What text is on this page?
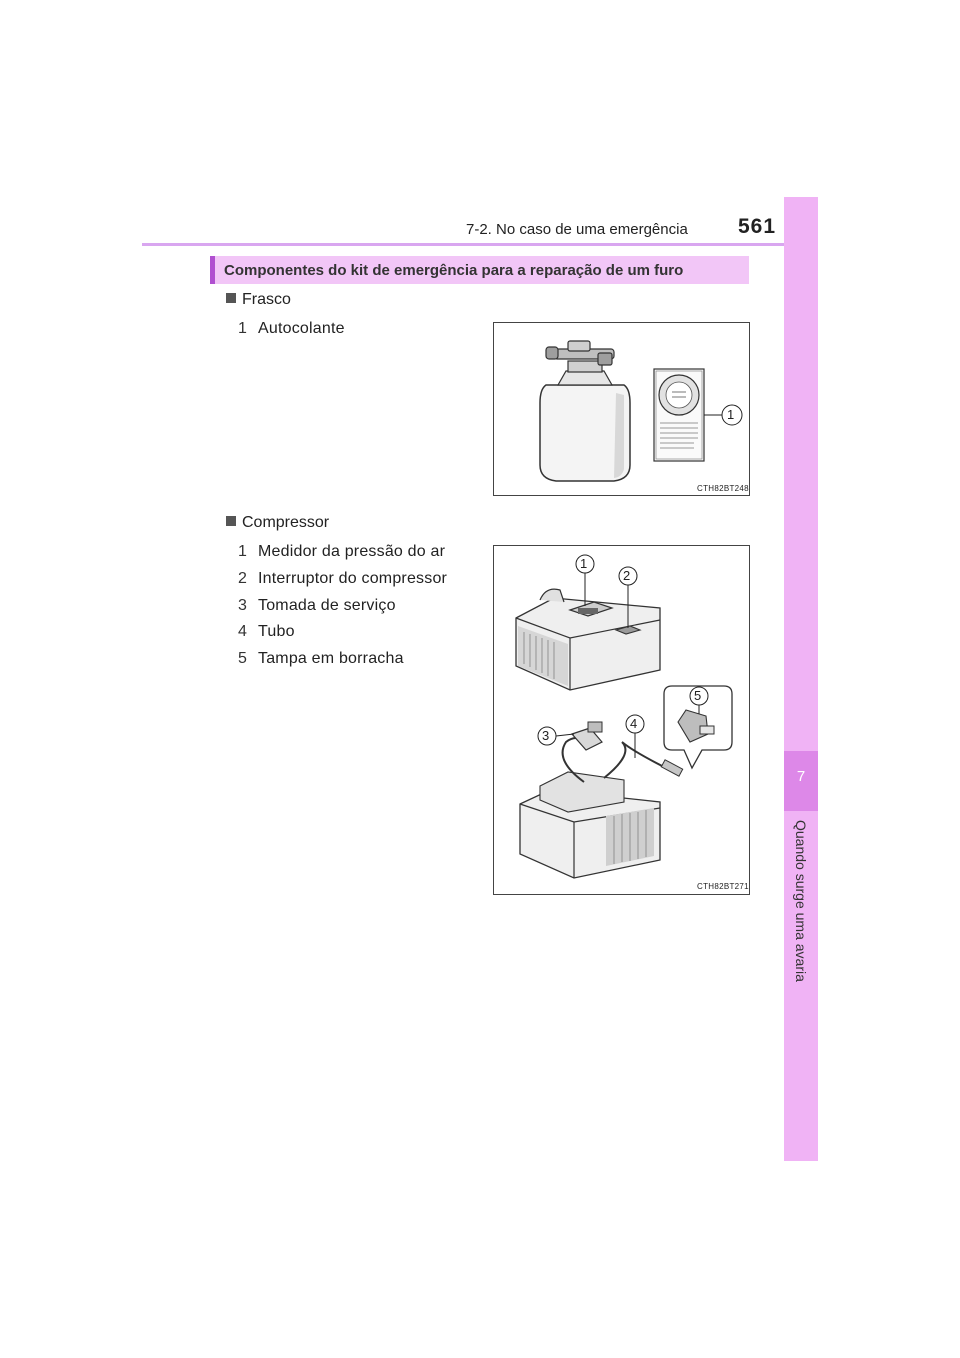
7-2. No caso de uma emergência 561
7
Quando surge uma avaria
Componentes do kit de emergência para a reparação de um furo
Frasco
1 Autocolante
1
CTH82BT248
Compressor
1 Medidor da pressão do ar
2 Interruptor do compressor
3 Tomada de serviço
4 Tubo
5 Tampa em borracha
1
2
3
4
5
CTH82BT271
